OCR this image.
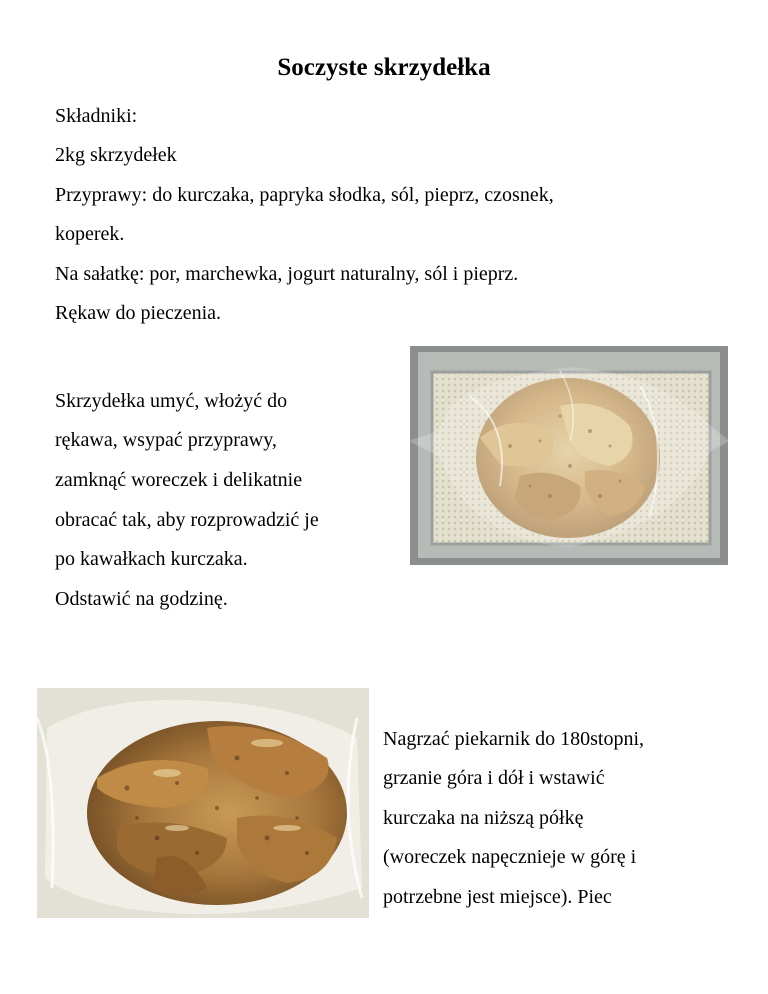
Soczyste skrzydełka
Składniki:
2kg skrzydełek
Przyprawy: do kurczaka, papryka słodka, sól, pieprz, czosnek,
koperek.
Na sałatkę: por, marchewka, jogurt naturalny, sól i pieprz.
Rękaw do pieczenia.
Skrzydełka umyć, włożyć do
rękawa, wsypać przyprawy,
zamknąć woreczek i delikatnie
obracać tak, aby rozprowadzić je
po kawałkach kurczaka.
Odstawić na godzinę.
Nagrzać piekarnik do 180stopni,
grzanie góra i dół i wstawić
kurczaka na niższą półkę
(woreczek napęcznieje w górę i
potrzebne jest miejsce). Piec
